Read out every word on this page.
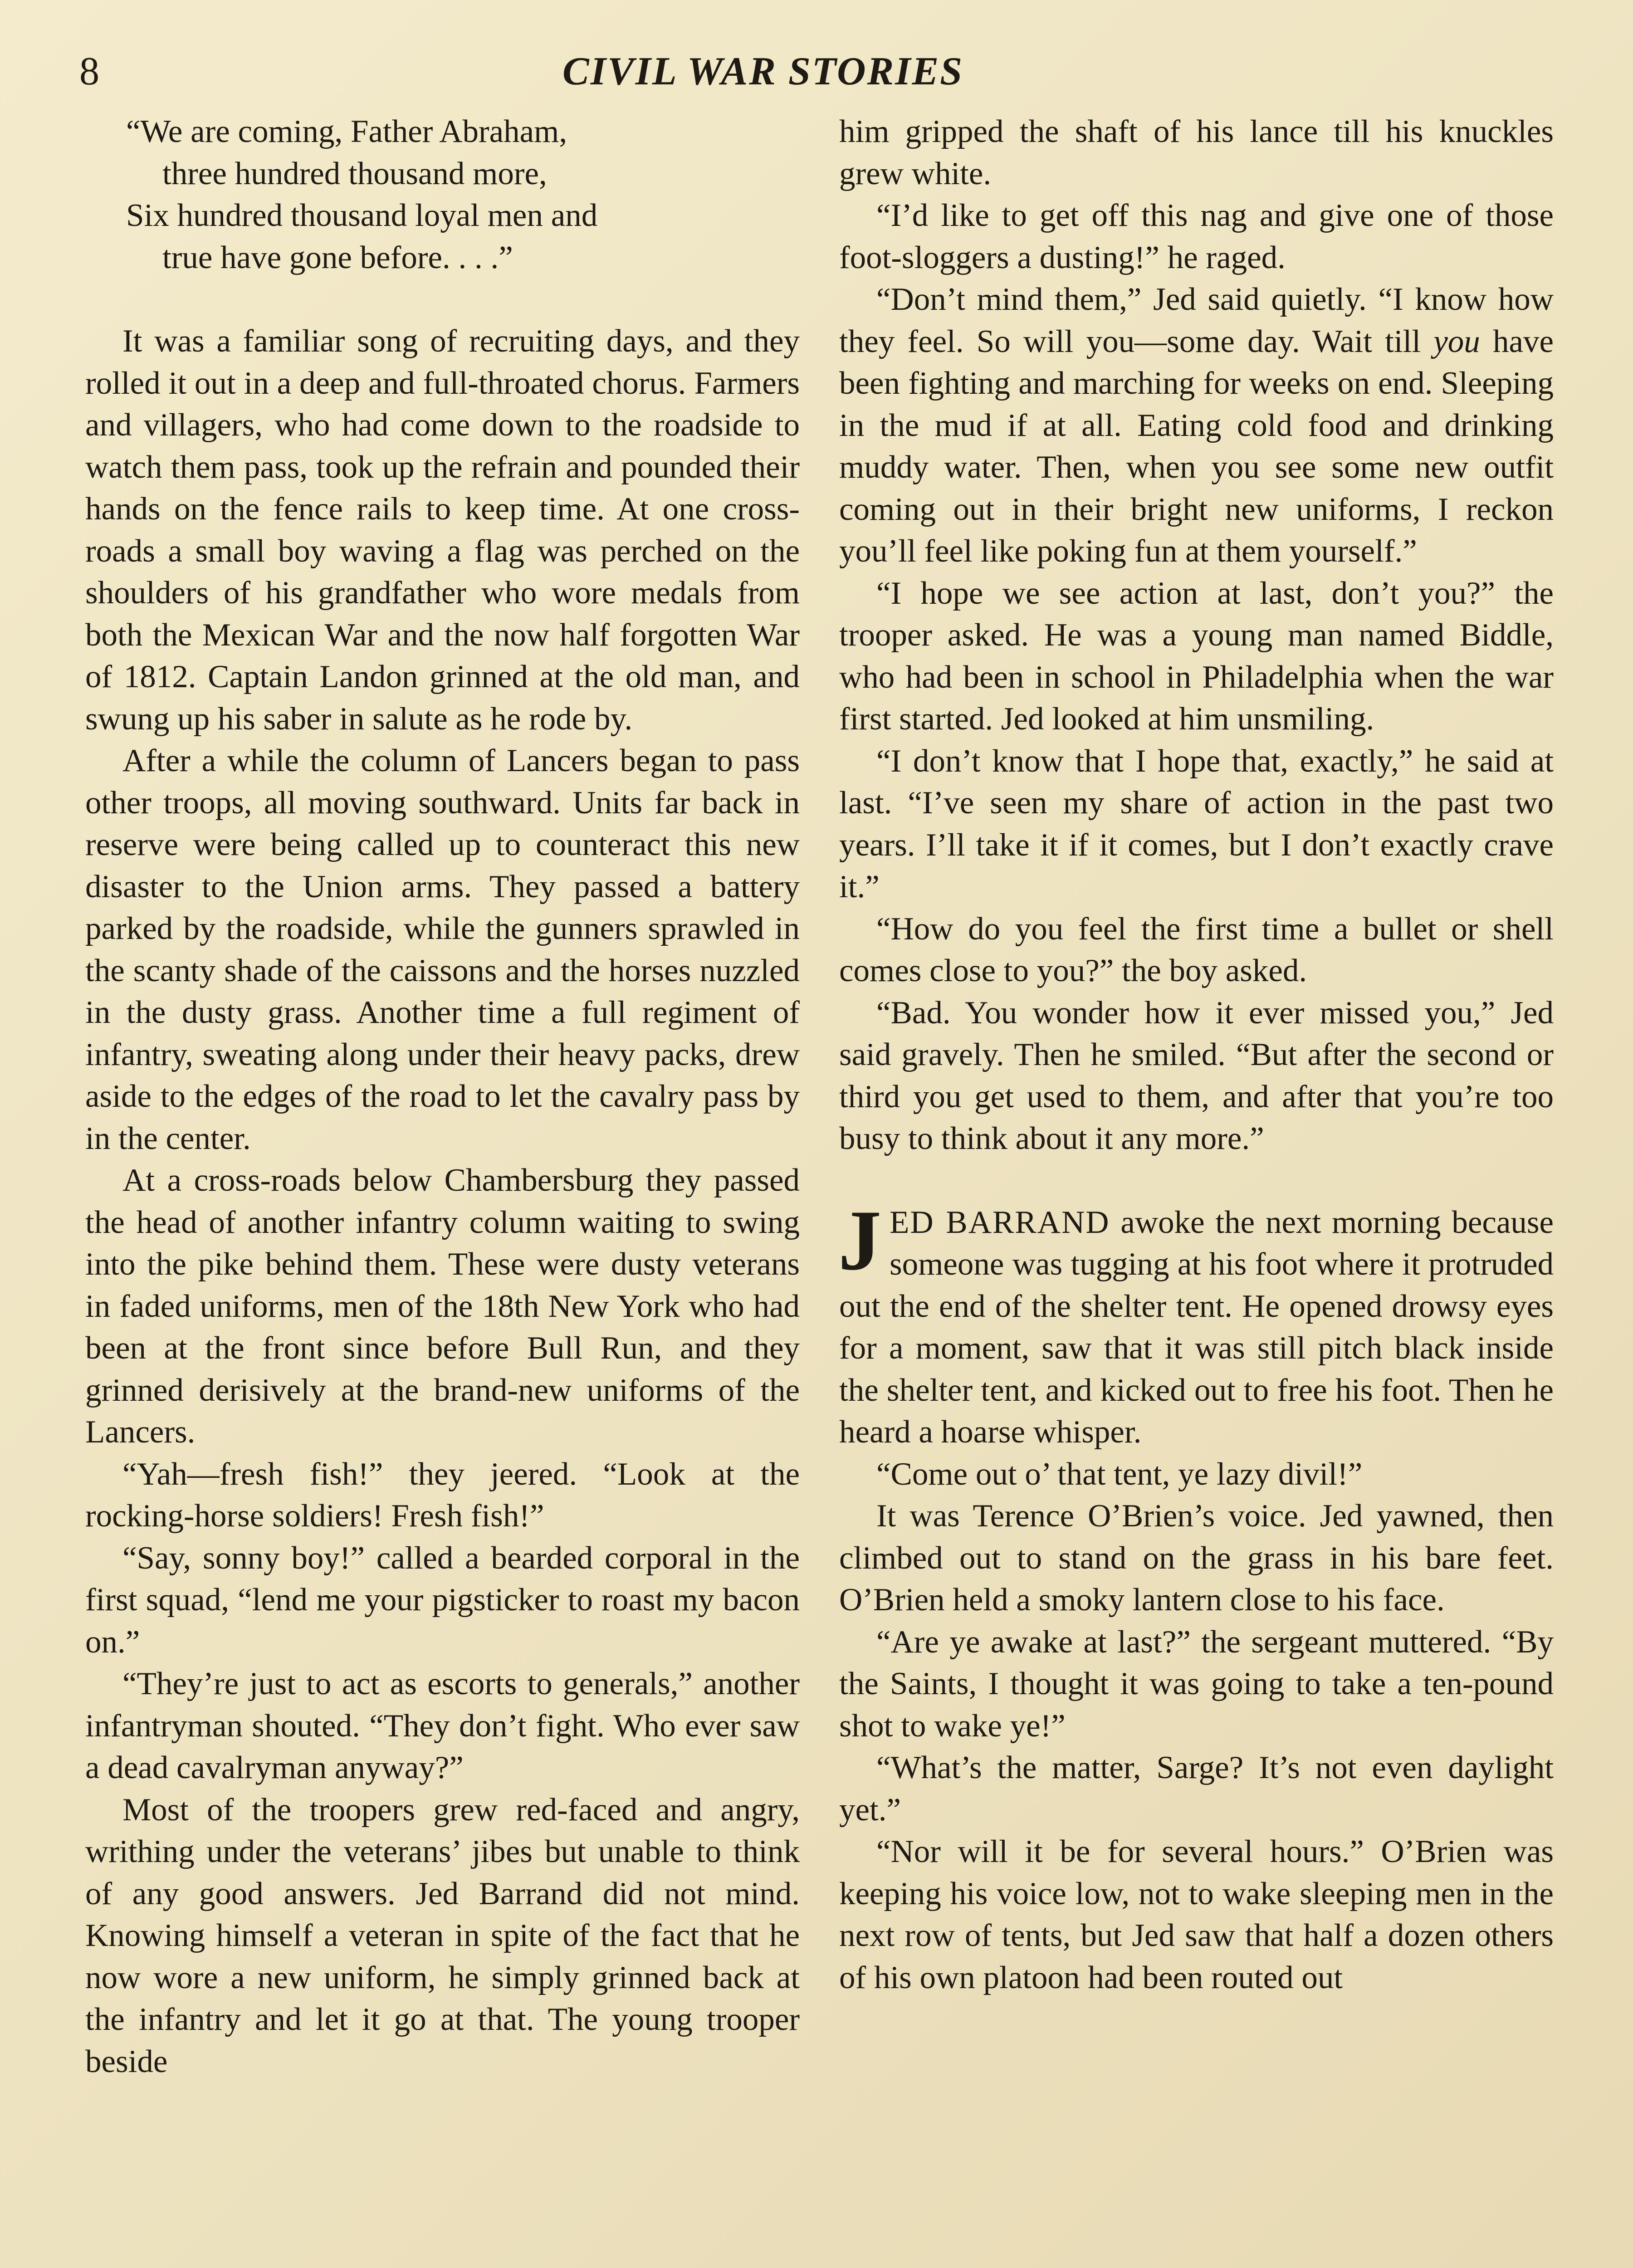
8	CIVIL WAR STORIES

“We are coming, Father Abraham,

three hundred thousand more,

Six hundred thousand loyal men and

true have gone before. . . .”

It was a familiar song of recruiting days, and they rolled it out in a deep and full-throated chorus. Farmers and villagers, who had come down to the roadside to watch them pass, took up the refrain and pounded their hands on the fence rails to keep time. At one cross-roads a small boy waving a flag was perched on the shoulders of his grandfather who wore medals from both the Mexican War and the now half forgotten War of 1812. Captain Landon grinned at the old man, and swung up his saber in salute as he rode by.

After a while the column of Lancers began to pass other troops, all moving southward. Units far back in reserve were being called up to counteract this new disaster to the Union arms. They passed a battery parked by the roadside, while the gunners sprawled in the scanty shade of the caissons and the horses nuzzled in the dusty grass. Another time a full regiment of infantry, sweating along under their heavy packs, drew aside to the edges of the road to let the cavalry pass by in the center.

At a cross-roads below Chambersburg they passed the head of another infantry column waiting to swing into the pike behind them. These were dusty veterans in faded uniforms, men of the 18th New York who had been at the front since before Bull Run, and they grinned derisively at the brand-new uniforms of the Lancers.

“Yah—fresh fish!” they jeered. “Look at the rocking-horse soldiers! Fresh fish!”

“Say, sonny boy!” called a bearded corporal in the first squad, “lend me your pigsticker to roast my bacon on.”

“They’re just to act as escorts to generals,” another infantryman shouted. “They don’t fight. Who ever saw a dead cavalryman anyway?”

Most of the troopers grew red-faced and angry, writhing under the veterans’ jibes but unable to think of any good answers. Jed Barrand did not mind. Knowing himself a veteran in spite of the fact that he now wore a new uniform, he simply grinned back at the infantry and let it go at that. The young trooper beside

him gripped the shaft of his lance till his knuckles grew white.

“I’d like to get off this nag and give one of those foot-sloggers a dusting!” he raged.

“Don’t mind them,” Jed said quietly. “I know how they feel. So will you—some day. Wait till you have been fighting and marching for weeks on end. Sleeping in the mud if at all. Eating cold food and drinking muddy water. Then, when you see some new outfit coming out in their bright new uniforms, I reckon you’ll feel like poking fun at them yourself.”

“I hope we see action at last, don’t you?” the trooper asked. He was a young man named Biddle, who had been in school in Philadelphia when the war first started. Jed looked at him unsmiling.

“I don’t know that I hope that, exactly,” he said at last. “I’ve seen my share of action in the past two years. I’ll take it if it comes, but I don’t exactly crave it.”

“How do you feel the first time a bullet or shell comes close to you?” the boy asked.

“Bad. You wonder how it ever missed you,” Jed said gravely. Then he smiled. “But after the second or third you get used to them, and after that you’re too busy to think about it any more.”

JED BARRAND awoke the next morning because someone was tugging at his foot where it protruded out the end of the shelter tent. He opened drowsy eyes for a moment, saw that it was still pitch black inside the shelter tent, and kicked out to free his foot. Then he heard a hoarse whisper.

“Come out o’ that tent, ye lazy divil!”

It was Terence O’Brien’s voice. Jed yawned, then climbed out to stand on the grass in his bare feet. O’Brien held a smoky lantern close to his face.

“Are ye awake at last?” the sergeant muttered. “By the Saints, I thought it was going to take a ten-pound shot to wake ye!”

“What’s the matter, Sarge? It’s not even daylight yet.”

“Nor will it be for several hours.” O’Brien was keeping his voice low, not to wake sleeping men in the next row of tents, but Jed saw that half a dozen others of his own platoon had been routed out
